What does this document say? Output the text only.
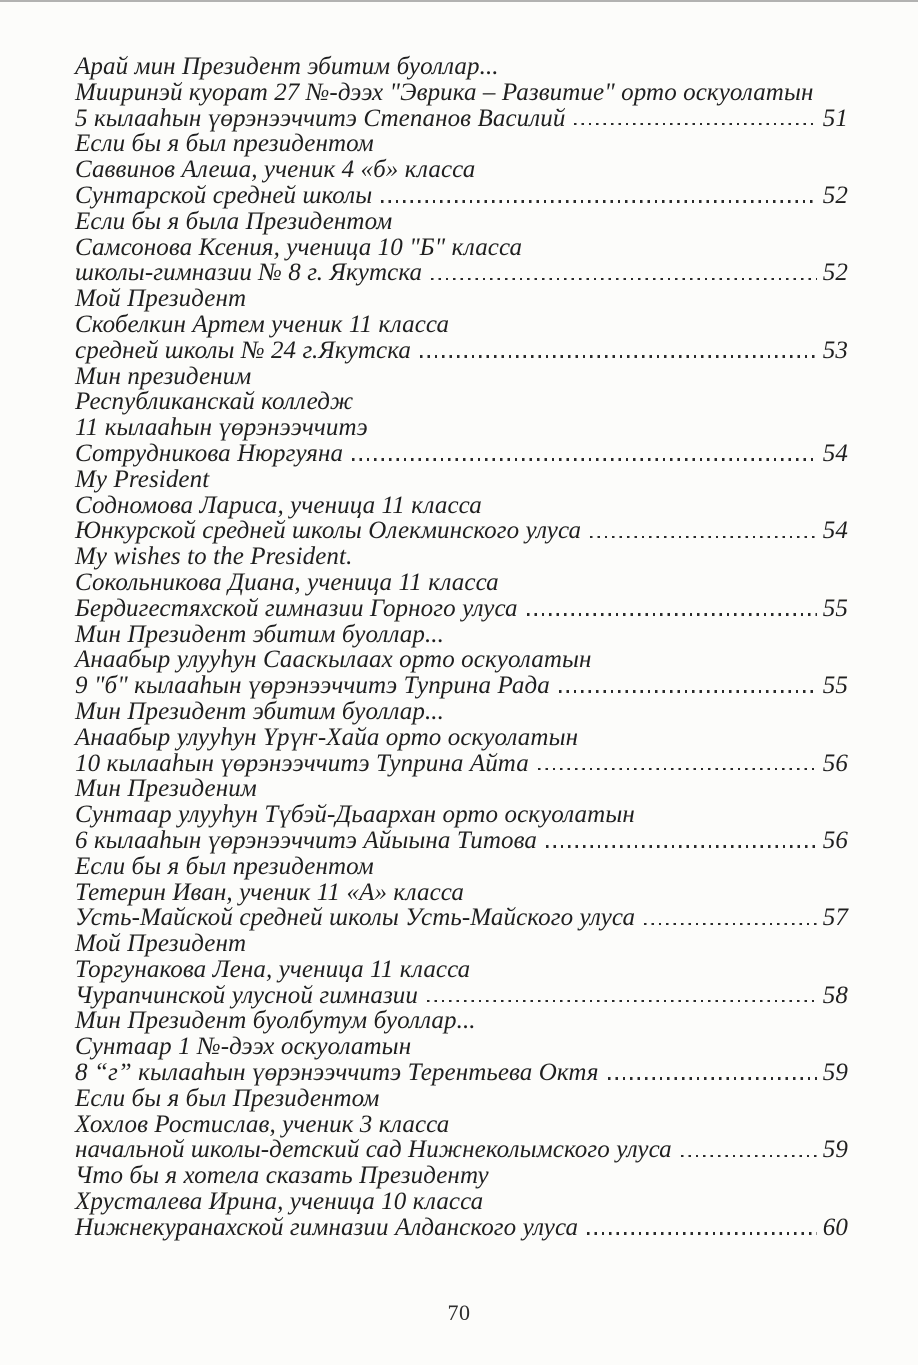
Арай мин Президент эбитим буоллар...
Мииринэй куорат 27 №-дээх "Эврика – Развитие" орто оскуолатын
5 кылааһын үөрэнээччитэ Степанов Василий	51
Если бы я был президентом
Саввинов Алеша, ученик 4 «б» класса
Сунтарской средней школы	52
Если бы я была Президентом
Самсонова Ксения, ученица 10 "Б" класса
школы-гимназии № 8 г. Якутска	52
Мой Президент
Скобелкин Артем ученик 11 класса
средней школы № 24 г.Якутска	53
Мин президеним
Республиканскай колледж
11 кылааһын үөрэнээччитэ
Сотрудникова Нюргуяна	54
My President
Содномова Лариса, ученица 11 класса
Юнкурской средней школы Олекминского улуса	54
My wishes to the President.
Сокольникова Диана, ученица 11 класса
Бердигестяхской гимназии Горного улуса	55
Мин Президент эбитим буоллар...
Анаабыр улууһун Сааскылаах орто оскуолатын
9 "б" кылааһын үөрэнээччитэ Туприна Рада	55
Мин Президент эбитим буоллар...
Анаабыр улууһун Үрүҥ-Хайа орто оскуолатын
10 кылааһын үөрэнээччитэ Туприна Айта	56
Мин Президеним
Сунтаар улууһун Түбэй-Дьаархан орто оскуолатын
6 кылааһын үөрэнээччитэ Айыына Титова	56
Если бы я был президентом
Тетерин Иван, ученик 11 «А» класса
Усть-Майской средней школы Усть-Майского улуса	57
Мой Президент
Торгунакова Лена, ученица 11 класса
Чурапчинской улусной гимназии	58
Мин Президент буолбутум буоллар...
Сунтаар 1 №-дээх оскуолатын
8 “г” кылааһын үөрэнээччитэ Терентьева Октя	59
Если бы я был Президентом
Хохлов Ростислав, ученик 3 класса
начальной школы-детский сад Нижнеколымского улуса	59
Что бы я хотела сказать Президенту
Хрусталева Ирина, ученица 10 класса
Нижнекуранахской гимназии Алданского улуса	60
70
